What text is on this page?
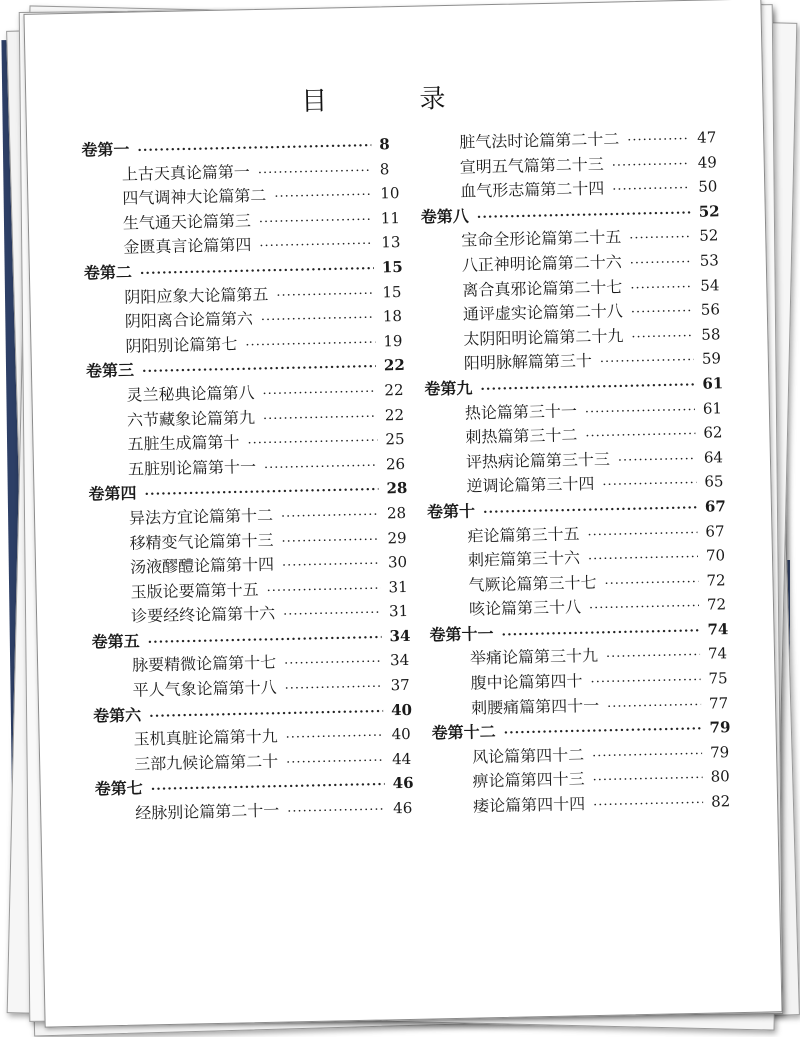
目 录
卷第一 ·····	8
上古天真论篇第一 ·····	8
四气调神大论篇第二 ·····	10
生气通天论篇第三 ·····	11
金匮真言论篇第四 ·····	13
卷第二 ·····	15
阴阳应象大论篇第五 ·····	15
阴阳离合论篇第六 ·····	18
阴阳别论篇第七 ·····	19
卷第三 ·····	22
灵兰秘典论篇第八 ·····	22
六节藏象论篇第九 ·····	22
五脏生成篇第十 ·····	25
五脏别论篇第十一 ·····	26
卷第四 ·····	28
异法方宜论篇第十二 ·····	28
移精变气论篇第十三 ·····	29
汤液醪醴论篇第十四 ·····	30
玉版论要篇第十五 ·····	31
诊要经终论篇第十六 ·····	31
卷第五 ·····	34
脉要精微论篇第十七 ·····	34
平人气象论篇第十八 ·····	37
卷第六 ·····	40
玉机真脏论篇第十九 ·····	40
三部九候论篇第二十 ·····	44
卷第七 ·····	46
经脉别论篇第二十一 ·····	46
脏气法时论篇第二十二 ·····	47
宣明五气篇第二十三 ·····	49
血气形志篇第二十四 ·····	50
卷第八 ·····	52
宝命全形论篇第二十五 ·····	52
八正神明论篇第二十六 ·····	53
离合真邪论篇第二十七 ·····	54
通评虚实论篇第二十八 ·····	56
太阴阳明论篇第二十九 ·····	58
阳明脉解篇第三十 ·····	59
卷第九 ·····	61
热论篇第三十一 ·····	61
刺热篇第三十二 ·····	62
评热病论篇第三十三 ·····	64
逆调论篇第三十四 ·····	65
卷第十 ·····	67
疟论篇第三十五 ·····	67
刺疟篇第三十六 ·····	70
气厥论篇第三十七 ·····	72
咳论篇第三十八 ·····	72
卷第十一 ·····	74
举痛论篇第三十九 ·····	74
腹中论篇第四十 ·····	75
刺腰痛篇第四十一 ·····	77
卷第十二 ·····	79
风论篇第四十二 ·····	79
痹论篇第四十三 ·····	80
痿论篇第四十四 ·····	82
